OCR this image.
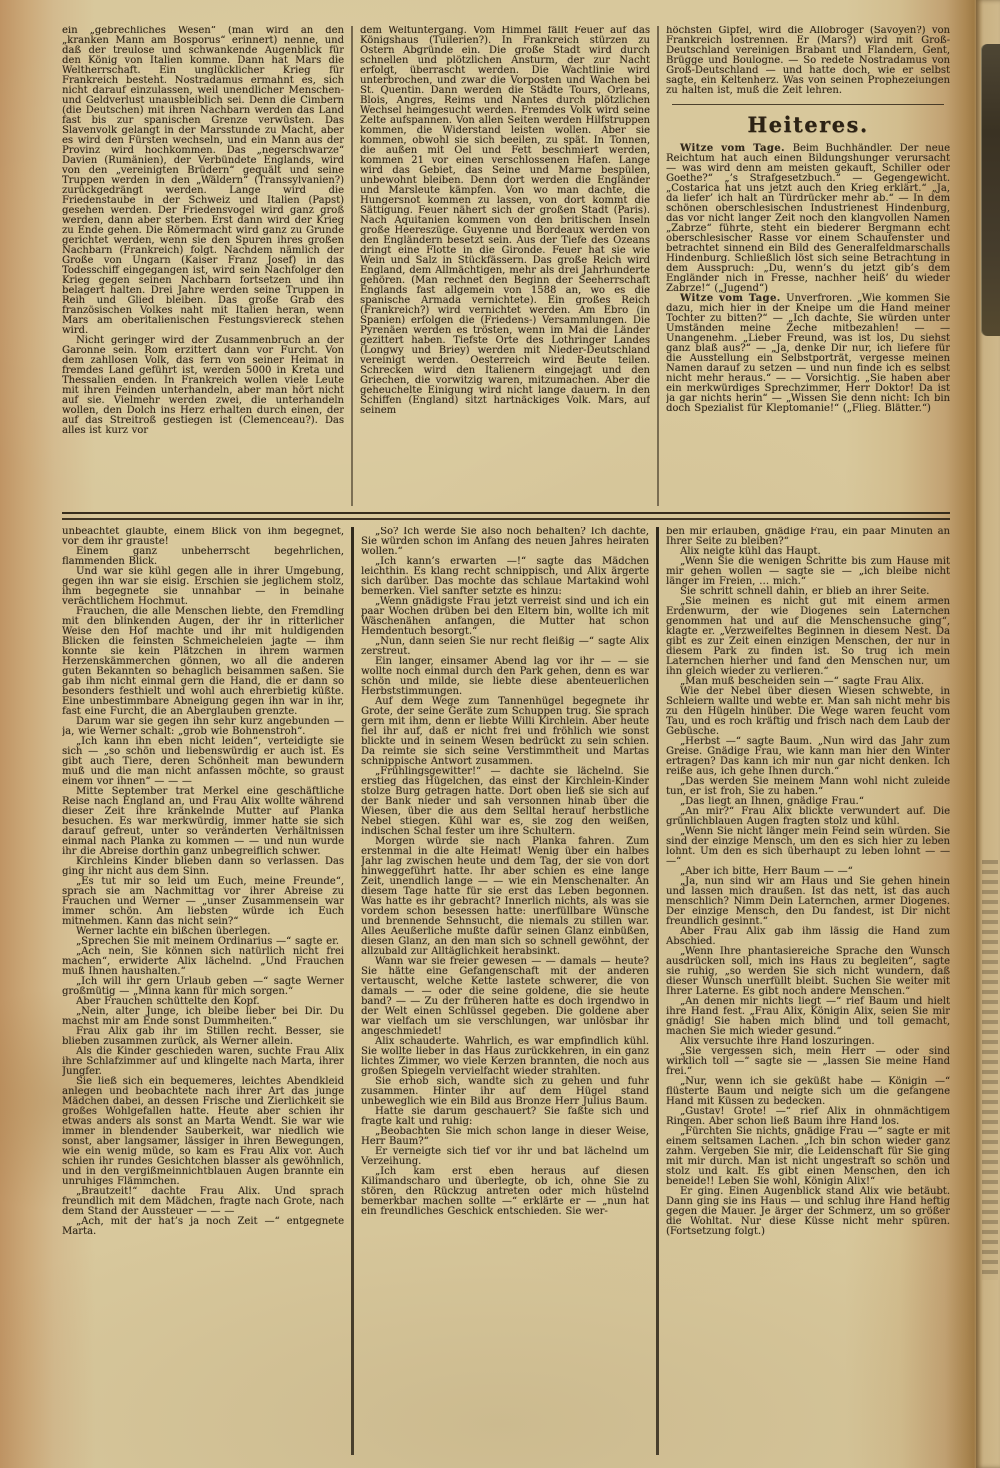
ein „gebrechliches Wesen“ (man wird an den „kranken Mann am Bosporus“ erinnert) nenne, und daß der treulose und schwankende Augenblick für den König von Italien komme. Dann hat Mars die Weltherrschaft. Ein unglücklicher Krieg für Frankreich besteht. Nostradamus ermahnt es, sich nicht darauf einzulassen, weil unendlicher Menschen- und Geldverlust unausbleiblich sei. Denn die Cimbern (die Deutschen) mit ihren Nachbarn werden das Land fast bis zur spanischen Grenze verwüsten. Das Slavenvolk gelangt in der Marsstunde zu Macht, aber es wird den Fürsten wechseln, und ein Mann aus der Provinz wird hochkommen. Das „negerschwarze“ Davien (Rumänien), der Verbündete Englands, wird von den „vereinigten Brüdern“ gequält und seine Truppen werden in den „Wäldern“ (Transsylvanien?) zurückgedrängt werden. Lange wird die Friedenstaube in der Schweiz und Italien (Papst) gesehen werden. Der Friedensvogel wird ganz groß werden, dann aber sterben. Erst dann wird der Krieg zu Ende gehen. Die Römermacht wird ganz zu Grunde gerichtet werden, wenn sie den Spuren ihres großen Nachbarn (Frankreich) folgt. Nachdem nämlich der Große von Ungarn (Kaiser Franz Josef) in das Todesschiff eingegangen ist, wird sein Nachfolger den Krieg gegen seinen Nachbarn fortsetzen und ihn belagert halten. Drei Jahre werden seine Truppen in Reih und Glied bleiben. Das große Grab des französischen Volkes naht mit Italien heran, wenn Mars am oberitalienischen Festungsviereck stehen wird.

Nicht geringer wird der Zusammenbruch an der Garonne sein. Rom erzittert dann vor Furcht. Von dem zahllosen Volk, das fern von seiner Heimat in fremdes Land geführt ist, werden 5000 in Kreta und Thessalien enden. In Frankreich wollen viele Leute mit ihren Feinden unterhandeln, aber man hört nicht auf sie. Vielmehr werden zwei, die unterhandeln wollen, den Dolch ins Herz erhalten durch einen, der auf das Streitroß gestiegen ist (Clemenceau?). Das alles ist kurz vor

dem Weltuntergang. Vom Himmel fällt Feuer auf das Königshaus (Tuilerien?). In Frankreich stürzen zu Ostern Abgründe ein. Die große Stadt wird durch schnellen und plötzlichen Ansturm, der zur Nacht erfolgt, überrascht werden. Die Wachtlinie wird unterbrochen, und zwar die Vorposten und Wachen bei St. Quentin. Dann werden die Städte Tours, Orleans, Blois, Angres, Reims und Nantes durch plötzlichen Wechsel heimgesucht werden. Fremdes Volk wird seine Zelte aufspannen. Von allen Seiten werden Hilfstruppen kommen, die Widerstand leisten wollen. Aber sie kommen, obwohl sie sich beeilen, zu spät. In Tonnen, die außen mit Oel und Fett beschmiert werden, kommen 21 vor einen verschlossenen Hafen. Lange wird das Gebiet, das Seine und Marne bespülen, unbewohnt bleiben. Denn dort werden die Engländer und Marsleute kämpfen. Von wo man dachte, die Hungersnot kommen zu lassen, von dort kommt die Sättigung. Feuer nähert sich der großen Stadt (Paris). Nach Aquitanien kommen von den britischen Inseln große Heereszüge. Guyenne und Bordeaux werden von den Engländern besetzt sein. Aus der Tiefe des Ozeans dringt eine Flotte in die Gironde. Feuer hat sie wie Wein und Salz in Stückfässern. Das große Reich wird England, dem Allmächtigen, mehr als drei Jahrhunderte gehören. (Man rechnet den Beginn der Seeherrschaft Englands fast allgemein von 1588 an, wo es die spanische Armada vernichtete). Ein großes Reich (Frankreich?) wird vernichtet werden. Am Ebro (in Spanien) erfolgen die (Friedens-) Versammlungen. Die Pyrenäen werden es trösten, wenn im Mai die Länder gezittert haben. Tiefste Orte des Lothringer Landes (Longwy und Briey) werden mit Nieder-Deutschland vereinigt werden. Oesterreich wird Beute teilen. Schrecken wird den Italienern eingejagt und den Griechen, die vorwitzig waren, mitzumachen. Aber die geheuchelte Einigung wird nicht lange dauern. In den Schiffen (England) sitzt hartnäckiges Volk. Mars, auf seinem

höchsten Gipfel, wird die Allobroger (Savoyen?) von Frankreich lostrennen. Er (Mars?) wird mit Groß-Deutschland vereinigen Brabant und Flandern, Gent, Brügge und Boulogne. — So redete Nostradamus von Groß-Deutschland — und hatte doch, wie er selbst sagte, ein Keltenherz. Was von seinen Prophezeiungen zu halten ist, muß die Zeit lehren.

Heiteres.

Witze vom Tage. Beim Buchhändler. Der neue Reichtum hat auch einen Bildungshunger verursacht — was wird denn am meisten gekauft, Schiller oder Goethe?“ „’s Strafgesetzbuch.“ — Gegengewicht. „Costarica hat uns jetzt auch den Krieg erklärt.“ „Ja, da liefer’ ich halt an Türdrücker mehr ab.“ — In dem schönen oberschlesischen Industrienest Hindenburg, das vor nicht langer Zeit noch den klangvollen Namen „Zabrze“ führte, steht ein biederer Bergmann echt oberschlesischer Rasse vor einem Schaufenster und betrachtet sinnend ein Bild des Generalfeldmarschalls Hindenburg. Schließlich löst sich seine Betrachtung in dem Ausspruch: „Du, wenn’s du jetzt gib’s dem Engländer nich in Fresse, nachher heiß’ du wieder Zabrze!“ („Jugend“)

Witze vom Tage. Unverfroren. „Wie kommen Sie dazu, mich hier in der Kneipe um die Hand meiner Tochter zu bitten?“ — „Ich dachte, Sie würden unter Umständen meine Zeche mitbezahlen! — — Unangenehm. „Lieber Freund, was ist los, Du siehst ganz blaß aus?“ — „Ja, denke Dir nur, ich liefere für die Ausstellung ein Selbstporträt, vergesse meinen Namen darauf zu setzen — und nun finde ich es selbst nicht mehr heraus.“ — — Vorsichtig. „Sie haben aber ein merkwürdiges Sprechzimmer, Herr Doktor! Da ist ja gar nichts herin“ — „Wissen Sie denn nicht: Ich bin doch Spezialist für Kleptomanie!“ („Flieg. Blätter.“)

unbeachtet glaubte, einem Blick von ihm begegnet, vor dem ihr grauste!

Einem ganz unbeherrscht begehrlichen, flammenden Blick.

Und war sie kühl gegen alle in ihrer Umgebung, gegen ihn war sie eisig. Erschien sie jeglichem stolz, ihm begegnete sie unnahbar — in beinahe verächtlichem Hochmut.

Frauchen, die alle Menschen liebte, den Fremdling mit den blinkenden Augen, der ihr in ritterlicher Weise den Hof machte und ihr mit huldigenden Blicken die feinsten Schmeicheleien jagte — ihm konnte sie kein Plätzchen in ihrem warmen Herzenskämmerchen gönnen, wo all die anderen guten Bekannten so behaglich beisammen saßen. Sie gab ihm nicht einmal gern die Hand, die er dann so besonders festhielt und wohl auch ehrerbietig küßte. Eine unbestimmbare Abneigung gegen ihn war in ihr, fast eine Furcht, die an Aberglauben grenzte.

Darum war sie gegen ihn sehr kurz angebunden — ja, wie Werner schalt: „grob wie Bohnenstroh“.

„Ich kann ihn eben nicht leiden“, verteidigte sie sich — „so schön und liebenswürdig er auch ist. Es gibt auch Tiere, deren Schönheit man bewundern muß und die man nicht anfassen möchte, so graust einem vor ihnen“ — — —

Mitte September trat Merkel eine geschäftliche Reise nach England an, und Frau Alix wollte während dieser Zeit ihre kränkelnde Mutter auf Planka besuchen. Es war merkwürdig, immer hatte sie sich darauf gefreut, unter so veränderten Verhältnissen einmal nach Planka zu kommen — — und nun wurde ihr die Abreise dorthin ganz unbegreiflich schwer.

Kirchleins Kinder blieben dann so verlassen. Das ging ihr nicht aus dem Sinn.

„Es tut mir so leid um Euch, meine Freunde“, sprach sie am Nachmittag vor ihrer Abreise zu Frauchen und Werner — „unser Zusammensein war immer schön. Am liebsten würde ich Euch mitnehmen. Kann das nicht sein?“

Werner lachte ein bißchen überlegen.

„Sprechen Sie mit meinem Ordinarius —“ sagte er.

„Ach nein, Sie können sich natürlich nicht frei machen“, erwiderte Alix lächelnd. „Und Frauchen muß Ihnen haushalten.“

„Ich will ihr gern Urlaub geben —“ sagte Werner großmütig — „Minna kann für mich sorgen.“

Aber Frauchen schüttelte den Kopf.

„Nein, alter Junge, ich bleibe lieber bei Dir. Du machst mir am Ende sonst Dummheiten.“

Frau Alix gab ihr im Stillen recht. Besser, sie blieben zusammen zurück, als Werner allein.

Als die Kinder geschieden waren, suchte Frau Alix ihre Schlafzimmer auf und klingelte nach Marta, ihrer Jungfer.

Sie ließ sich ein bequemeres, leichtes Abendkleid anlegen und beobachtete nach ihrer Art das junge Mädchen dabei, an dessen Frische und Zierlichkeit sie großes Wohlgefallen hatte. Heute aber schien ihr etwas anders als sonst an Marta Wendt. Sie war wie immer in blendender Sauberkeit, war niedlich wie sonst, aber langsamer, lässiger in ihren Bewegungen, wie ein wenig müde, so kam es Frau Alix vor. Auch schien ihr rundes Gesichtchen blasser als gewöhnlich, und in den vergißmeinnichtblauen Augen brannte ein unruhiges Flämmchen.

„Brautzeit!“ dachte Frau Alix. Und sprach freundlich mit dem Mädchen, fragte nach Grote, nach dem Stand der Aussteuer — — —

„Ach, mit der hat’s ja noch Zeit —“ entgegnete Marta.

„So? Ich werde Sie also noch behalten? Ich dachte, Sie würden schon im Anfang des neuen Jahres heiraten wollen.“

„Ich kann’s erwarten —!“ sagte das Mädchen leichthin. Es klang recht schnippisch, und Alix ärgerte sich darüber. Das mochte das schlaue Martakind wohl bemerken. Viel sanfter setzte es hinzu:

„Wenn gnädigste Frau jetzt verreist sind und ich ein paar Wochen drüben bei den Eltern bin, wollte ich mit Wäschenähen anfangen, die Mutter hat schon Hemdentuch besorgt.“

„Nun, dann seien Sie nur recht fleißig —“ sagte Alix zerstreut.

Ein langer, einsamer Abend lag vor ihr — — sie wollte noch einmal durch den Park gehen, denn es war schön und milde, sie liebte diese abenteuerlichen Herbststimmungen.

Auf dem Wege zum Tannenhügel begegnete ihr Grote, der seine Geräte zum Schuppen trug. Sie sprach gern mit ihm, denn er liebte Willi Kirchlein. Aber heute fiel ihr auf, daß er nicht frei und fröhlich wie sonst blickte und in seinem Wesen bedrückt zu sein schien. Da reimte sie sich seine Verstimmtheit und Martas schnippische Antwort zusammen.

„Frühlingsgewitter!“ — dachte sie lächelnd. Sie erstieg das Hügelchen, das einst der Kirchlein-Kinder stolze Burg getragen hatte. Dort oben ließ sie sich auf der Bank nieder und sah versonnen hinab über die Wiesen, über die aus dem Selltal herauf herbstliche Nebel stiegen. Kühl war es, sie zog den weißen, indischen Schal fester um ihre Schultern.

Morgen würde sie nach Planka fahren. Zum erstenmal in die alte Heimat! Wenig über ein halbes Jahr lag zwischen heute und dem Tag, der sie von dort hinweggeführt hatte. Ihr aber schien es eine lange Zeit, unendlich lange — — wie ein Menschenalter. An diesem Tage hatte für sie erst das Leben begonnen. Was hatte es ihr gebracht? Innerlich nichts, als was sie vordem schon besessen hatte: unerfüllbare Wünsche und brennende Sehnsucht, die niemals zu stillen war. Alles Aeußerliche mußte dafür seinen Glanz einbüßen, diesen Glanz, an den man sich so schnell gewöhnt, der allzubald zur Alltäglichkeit herabsinkt.

Wann war sie freier gewesen — — damals — heute? Sie hätte eine Gefangenschaft mit der anderen vertauscht, welche Kette lastete schwerer, die von damals — — oder die seine goldene, die sie heute band? — — Zu der früheren hatte es doch irgendwo in der Welt einen Schlüssel gegeben. Die goldene aber war vielfach um sie verschlungen, war unlösbar ihr angeschmiedet!

Alix schauderte. Wahrlich, es war empfindlich kühl. Sie wollte lieber in das Haus zurückkehren, in ein ganz lichtes Zimmer, wo viele Kerzen brannten, die noch aus großen Spiegeln vervielfacht wieder strahlten.

Sie erhob sich, wandte sich zu gehen und fuhr zusammen. Hinter ihr auf dem Hügel stand unbeweglich wie ein Bild aus Bronze Herr Julius Baum.

Hatte sie darum geschauert? Sie faßte sich und fragte kalt und ruhig:

„Beobachten Sie mich schon lange in dieser Weise, Herr Baum?“

Er verneigte sich tief vor ihr und bat lächelnd um Verzeihung.

„Ich kam erst eben heraus auf diesen Kilimandscharo und überlegte, ob ich, ohne Sie zu stören, den Rückzug antreten oder mich hüstelnd bemerkbar machen sollte —“ erklärte er — „nun hat ein freundliches Geschick entschieden. Sie wer-

ben mir erlauben, gnädige Frau, ein paar Minuten an Ihrer Seite zu bleiben?“

Alix neigte kühl das Haupt.

„Wenn Sie die wenigen Schritte bis zum Hause mit mir gehen wollen — sagte sie — „ich bleibe nicht länger im Freien, … mich.“

Sie schritt schnell dahin, er blieb an ihrer Seite.

„Sie meinen es nicht gut mit einem armen Erdenwurm, der wie Diogenes sein Laternchen genommen hat und auf die Menschensuche ging“, klagte er. „Verzweifeltes Beginnen in diesem Nest. Da gibt es zur Zeit einen einzigen Menschen, der nur in diesem Park zu finden ist. So trug ich mein Laternchen hierher und fand den Menschen nur, um ihn gleich wieder zu verlieren.“

„Man muß bescheiden sein —“ sagte Frau Alix.

Wie der Nebel über diesen Wiesen schwebte, in Schleiern wallte und webte er. Man sah nicht mehr bis zu den Hügeln hinüber. Die Wege waren feucht vom Tau, und es roch kräftig und frisch nach dem Laub der Gebüsche.

„Herbst —“ sagte Baum. „Nun wird das Jahr zum Greise. Gnädige Frau, wie kann man hier den Winter ertragen? Das kann ich mir nun gar nicht denken. Ich reiße aus, ich gehe Ihnen durch.“

„Das werden Sie meinem Mann wohl nicht zuleide tun, er ist froh, Sie zu haben.“

„Das liegt an Ihnen, gnädige Frau.“

„An mir?“ Frau Alix blickte verwundert auf. Die grünlichblauen Augen fragten stolz und kühl.

„Wenn Sie nicht länger mein Feind sein würden. Sie sind der einzige Mensch, um den es sich hier zu leben lohnt. Um den es sich überhaupt zu leben lohnt — — —“

„Aber ich bitte, Herr Baum — —“

„Ja, nun sind wir am Haus und Sie gehen hinein und lassen mich draußen. Ist das nett, ist das auch menschlich? Nimm Dein Laternchen, armer Diogenes. Der einzige Mensch, den Du fandest, ist Dir nicht freundlich gesinnt.“

Aber Frau Alix gab ihm lässig die Hand zum Abschied.

„Wenn Ihre phantasiereiche Sprache den Wunsch ausdrücken soll, mich ins Haus zu begleiten“, sagte sie ruhig, „so werden Sie sich nicht wundern, daß dieser Wunsch unerfüllt bleibt. Suchen Sie weiter mit Ihrer Laterne. Es gibt noch andere Menschen.“

„An denen mir nichts liegt —“ rief Baum und hielt ihre Hand fest. „Frau Alix, Königin Alix, seien Sie mir gnädig! Sie haben mich blind und toll gemacht, machen Sie mich wieder gesund.“

Alix versuchte ihre Hand loszuringen.

„Sie vergessen sich, mein Herr — oder sind wirklich toll —“ sagte sie — „lassen Sie meine Hand frei.“

„Nur, wenn ich sie geküßt habe — Königin —“ flüsterte Baum und neigte sich um die gefangene Hand mit Küssen zu bedecken.

„Gustav! Grote! —“ rief Alix in ohnmächtigem Ringen. Aber schon ließ Baum ihre Hand los.

„Fürchten Sie nichts, gnädige Frau —“ sagte er mit einem seltsamen Lachen. „Ich bin schon wieder ganz zahm. Vergeben Sie mir, die Leidenschaft für Sie ging mit mir durch. Man ist nicht ungestraft so schön und stolz und kalt. Es gibt einen Menschen, den ich beneide!! Leben Sie wohl, Königin Alix!“

Er ging. Einen Augenblick stand Alix wie betäubt. Dann ging sie ins Haus — und schlug ihre Hand heftig gegen die Mauer. Je ärger der Schmerz, um so größer die Wohltat. Nur diese Küsse nicht mehr spüren. (Fortsetzung folgt.)
